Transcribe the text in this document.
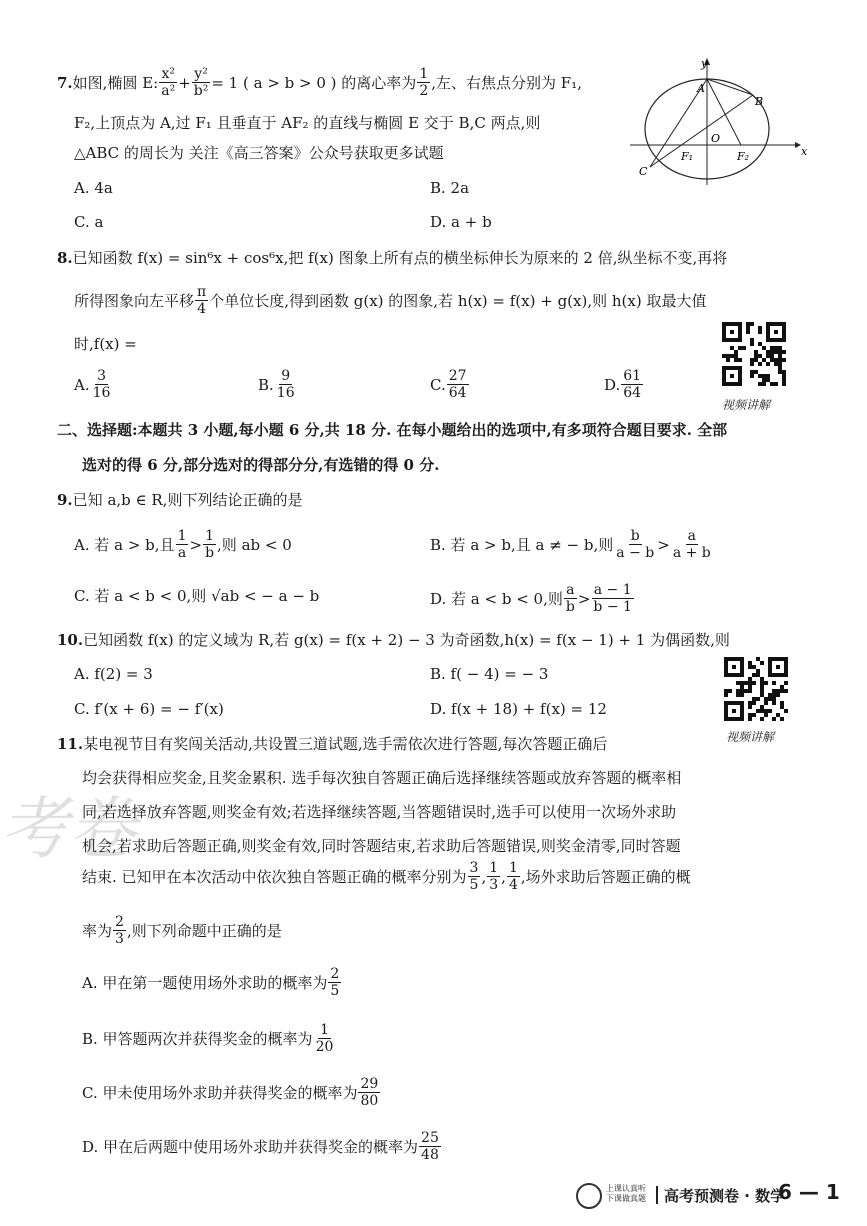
考卷
7. 如图,椭圆 E: $\frac{\text{x²}}{\text{a²}} + \frac{\text{y²}}{\text{b²}} = 1$ ( a > b > 0 ) 的离心率为 $\frac{1}{2}$ ,左、右焦点分别为 F₁,
F₂,上顶点为 A,过 F₁ 且垂直于 AF₂ 的直线与椭圆 E 交于 B,C 两点,则
△ABC 的周长为 关注《高三答案》公众号获取更多试题
A. 4a	B. 2a
C. a	D. a + b
y
x
A
B
C
O
F₁	F₂
8.已知函数 f(x) = sin⁶x + cos⁶x,把 f(x) 图象上所有点的横坐标伸长为原来的 2 倍,纵坐标不变,再将
所得图象向左平移 $\frac{\pi}{4}$ 个单位长度,得到函数 g(x) 的图象,若 h(x) = f(x) + g(x),则 h(x) 取最大值
时,f(x) =
A. $\frac{3}{16}$	B. $\frac{9}{16}$	C. $\frac{27}{64}$	D. $\frac{61}{64}$
视频讲解
二、选择题:本题共 3 小题,每小题 6 分,共 18 分. 在每小题给出的选项中,有多项符合题目要求. 全部
选对的得 6 分,部分选对的得部分分,有选错的得 0 分.
9.已知 a,b ∈ R,则下列结论正确的是
A. 若 a > b,且 $\frac{1}{a} > \frac{1}{b}$ ,则 ab < 0	B. 若 a > b,且 a ≠ − b,则 $\frac{b}{a - b} > \frac{a}{a + b}$
C. 若 a < b < 0,则 √ab < − a − b	D. 若 a < b < 0,则 $\frac{a}{b} > \frac{a - 1}{b - 1}$
10.已知函数 f(x) 的定义域为 R,若 g(x) = f(x + 2) − 3 为奇函数,h(x) = f(x − 1) + 1 为偶函数,则
A. f(2) = 3	B. f( − 4) = − 3
C. f′(x + 6) = − f′(x)	D. f(x + 18) + f(x) = 12
视频讲解
11.某电视节目有奖闯关活动,共设置三道试题,选手需依次进行答题,每次答题正确后
均会获得相应奖金,且奖金累积. 选手每次独自答题正确后选择继续答题或放弃答题的概率相
同,若选择放弃答题,则奖金有效;若选择继续答题,当答题错误时,选手可以使用一次场外求助
机会,若求助后答题正确,则奖金有效,同时答题结束,若求助后答题错误,则奖金清零,同时答题
结束. 已知甲在本次活动中依次独自答题正确的概率分别为 $\frac{3}{5}$ , $\frac{1}{3}$ , $\frac{1}{4}$ ,场外求助后答题正确的概
率为 $\frac{2}{3}$ ,则下列命题中正确的是
A. 甲在第一题使用场外求助的概率为 $\frac{2}{5}$
B. 甲答题两次并获得奖金的概率为 $\frac{1}{20}$
C. 甲未使用场外求助并获得奖金的概率为 $\frac{29}{80}$
D. 甲在后两题中使用场外求助并获得奖金的概率为 $\frac{25}{48}$
上课认真听
下课做真题 高考预测卷 · 数学
6 — 1
